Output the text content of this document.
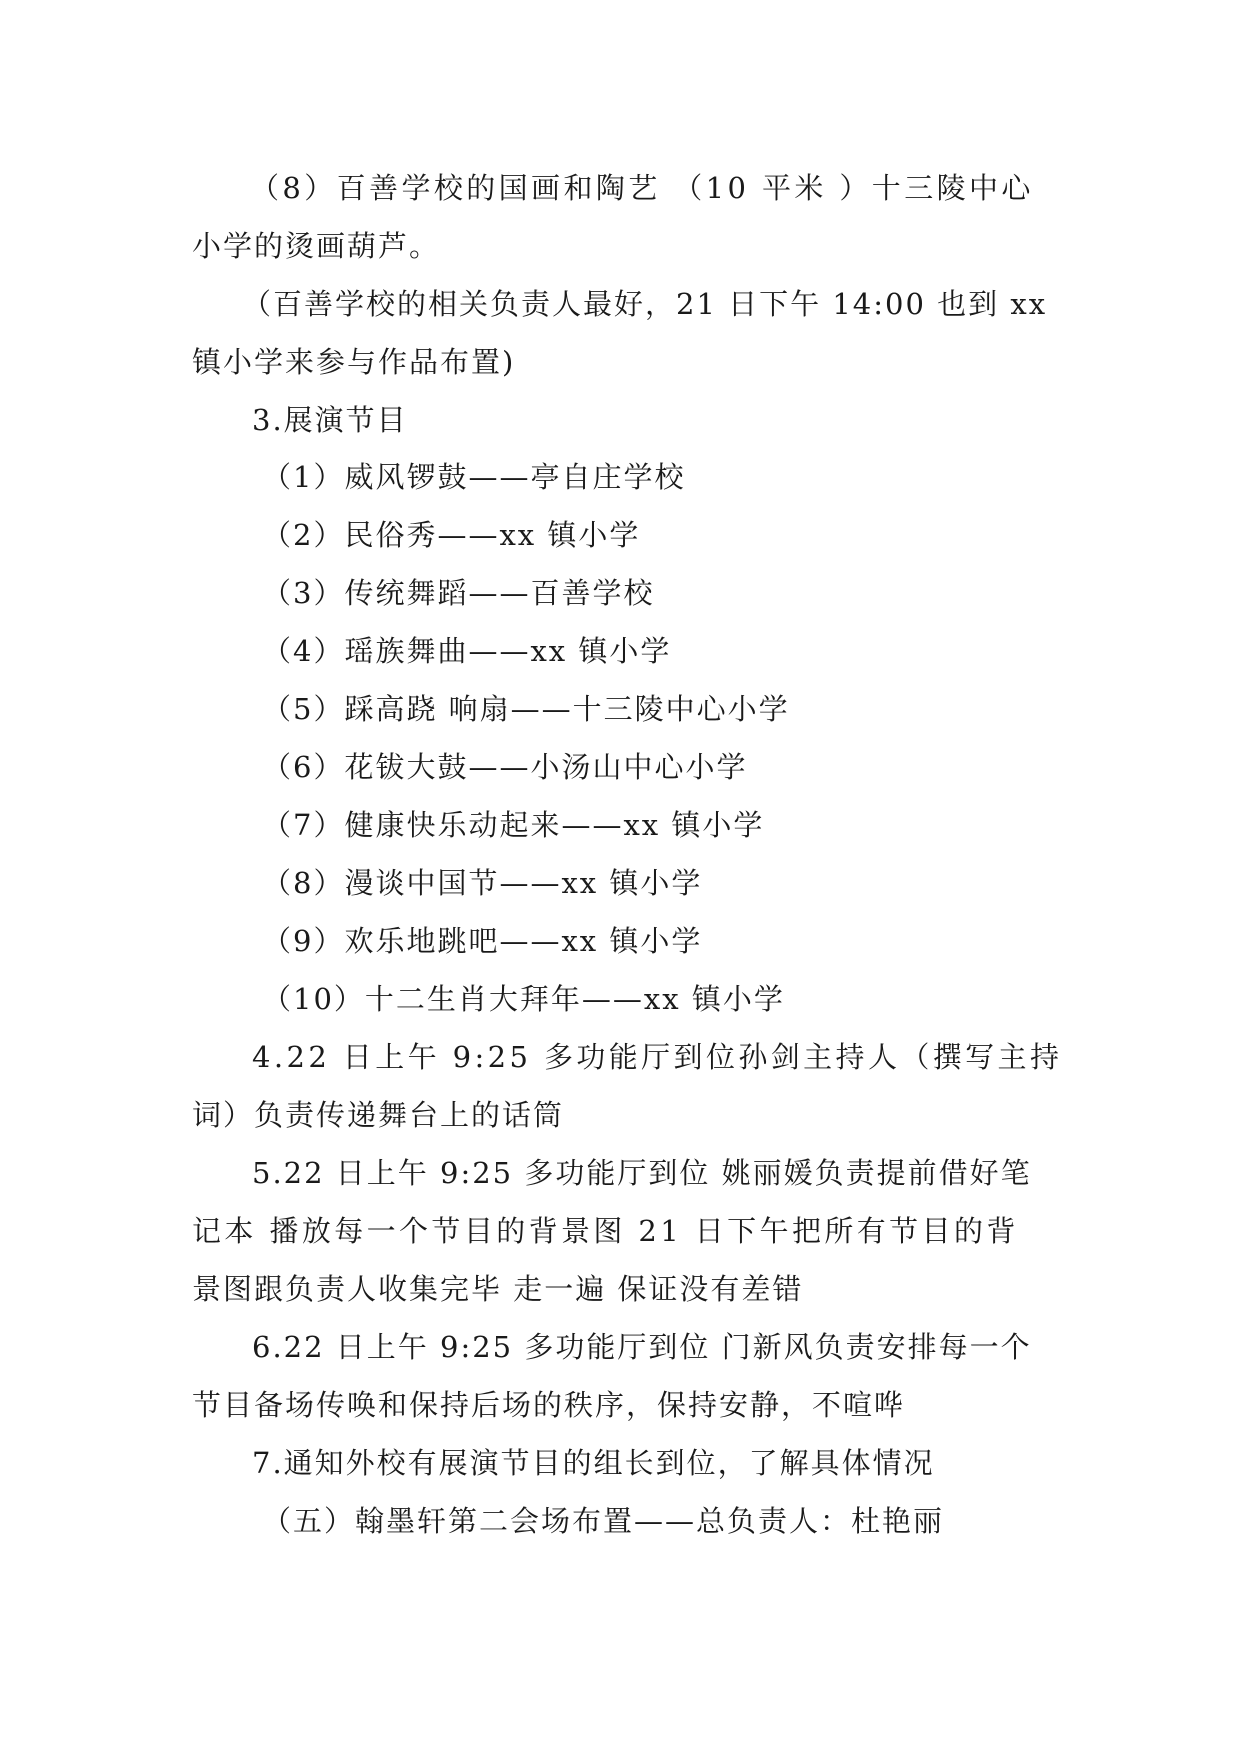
（8）百善学校的国画和陶艺 （10 平米 ）十三陵中心
小学的烫画葫芦。
（百善学校的相关负责人最好，21 日下午 14:00 也到 xx
镇小学来参与作品布置)
3.展演节目
（1）威风锣鼓——亭自庄学校
（2）民俗秀——xx 镇小学
（3）传统舞蹈——百善学校
（4）瑶族舞曲——xx 镇小学
（5）踩高跷 响扇——十三陵中心小学
（6）花钹大鼓——小汤山中心小学
（7）健康快乐动起来——xx 镇小学
（8）漫谈中国节——xx 镇小学
（9）欢乐地跳吧——xx 镇小学
（10）十二生肖大拜年——xx 镇小学
4.22 日上午 9:25 多功能厅到位孙剑主持人（撰写主持
词）负责传递舞台上的话筒
5.22 日上午 9:25 多功能厅到位 姚丽媛负责提前借好笔
记本 播放每一个节目的背景图 21 日下午把所有节目的背
景图跟负责人收集完毕 走一遍 保证没有差错
6.22 日上午 9:25 多功能厅到位 门新风负责安排每一个
节目备场传唤和保持后场的秩序，保持安静，不喧哗
7.通知外校有展演节目的组长到位，了解具体情况
（五）翰墨轩第二会场布置——总负责人：杜艳丽
